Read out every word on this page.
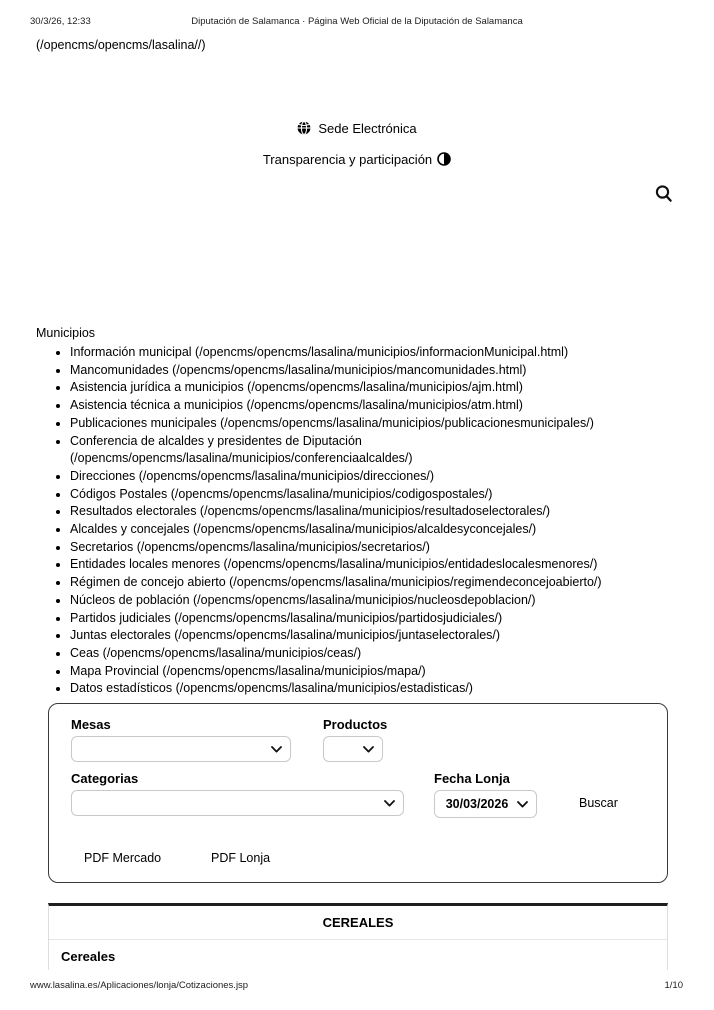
30/3/26, 12:33	Diputación de Salamanca · Página Web Oficial de la Diputación de Salamanca
(/opencms/opencms/lasalina//)
Sede Electrónica
Transparencia y participación
Municipios
• Información municipal (/opencms/opencms/lasalina/municipios/informacionMunicipal.html)
• Mancomunidades (/opencms/opencms/lasalina/municipios/mancomunidades.html)
• Asistencia jurídica a municipios (/opencms/opencms/lasalina/municipios/ajm.html)
• Asistencia técnica a municipios (/opencms/opencms/lasalina/municipios/atm.html)
• Publicaciones municipales (/opencms/opencms/lasalina/municipios/publicacionesmunicipales/)
• Conferencia de alcaldes y presidentes de Diputación (/opencms/opencms/lasalina/municipios/conferenciaalcaldes/)
• Direcciones (/opencms/opencms/lasalina/municipios/direcciones/)
• Códigos Postales (/opencms/opencms/lasalina/municipios/codigospostales/)
• Resultados electorales (/opencms/opencms/lasalina/municipios/resultadoselectorales/)
• Alcaldes y concejales (/opencms/opencms/lasalina/municipios/alcaldesyconcejales/)
• Secretarios (/opencms/opencms/lasalina/municipios/secretarios/)
• Entidades locales menores (/opencms/opencms/lasalina/municipios/entidadeslocalesmenores/)
• Régimen de concejo abierto (/opencms/opencms/lasalina/municipios/regimendeconcejoabierto/)
• Núcleos de población (/opencms/opencms/lasalina/municipios/nucleosdepoblacion/)
• Partidos judiciales (/opencms/opencms/lasalina/municipios/partidosjudiciales/)
• Juntas electorales (/opencms/opencms/lasalina/municipios/juntaselectorales/)
• Ceas (/opencms/opencms/lasalina/municipios/ceas/)
• Mapa Provincial (/opencms/opencms/lasalina/municipios/mapa/)
• Datos estadísticos (/opencms/opencms/lasalina/municipios/estadisticas/)
Mesas	Productos
Categorias	Fecha Lonja
30/03/2026	Buscar
PDF Mercado	PDF Lonja
CEREALES
Cereales
www.lasalina.es/Aplicaciones/lonja/Cotizaciones.jsp	1/10
